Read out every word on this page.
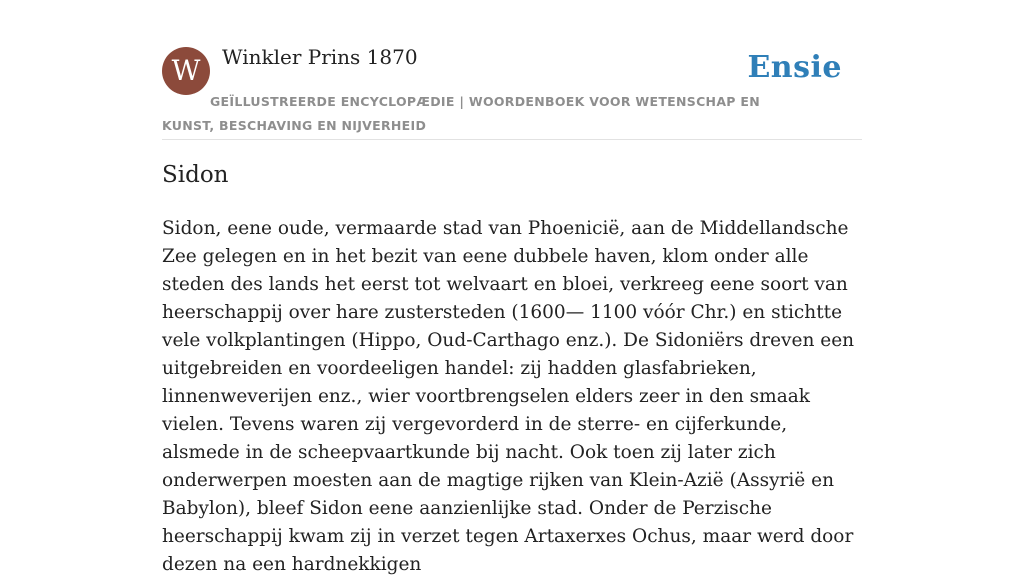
W	Winkler Prins 1870	Ensie
GEÏLLUSTREERDE ENCYCLOPÆDIE | WOORDENBOEK VOOR WETENSCHAP EN KUNST, BESCHAVING EN NIJVERHEID
Sidon

Sidon, eene oude, vermaarde stad van Phoenicië, aan de Middellandsche Zee gelegen en in het bezit van eene dubbele haven, klom onder alle steden des lands het eerst tot welvaart en bloei, verkreeg eene soort van heerschappij over hare zustersteden (1600— 1100 vóór Chr.) en stichtte vele volkplantingen (Hippo, Oud-Carthago enz.). De Sidoniërs dreven een uitgebreiden en voordeeligen handel: zij hadden glasfabrieken, linnenweverijen enz., wier voortbrengselen elders zeer in den smaak vielen. Tevens waren zij vergevorderd in de sterre- en cijferkunde, alsmede in de scheepvaartkunde bij nacht. Ook toen zij later zich onderwerpen moesten aan de magtige rijken van Klein-Azië (Assyrië en Babylon), bleef Sidon eene aanzienlijke stad. Onder de Perzische heerschappij kwam zij in verzet tegen Artaxerxes Ochus, maar werd door dezen na een hardnekkigen
